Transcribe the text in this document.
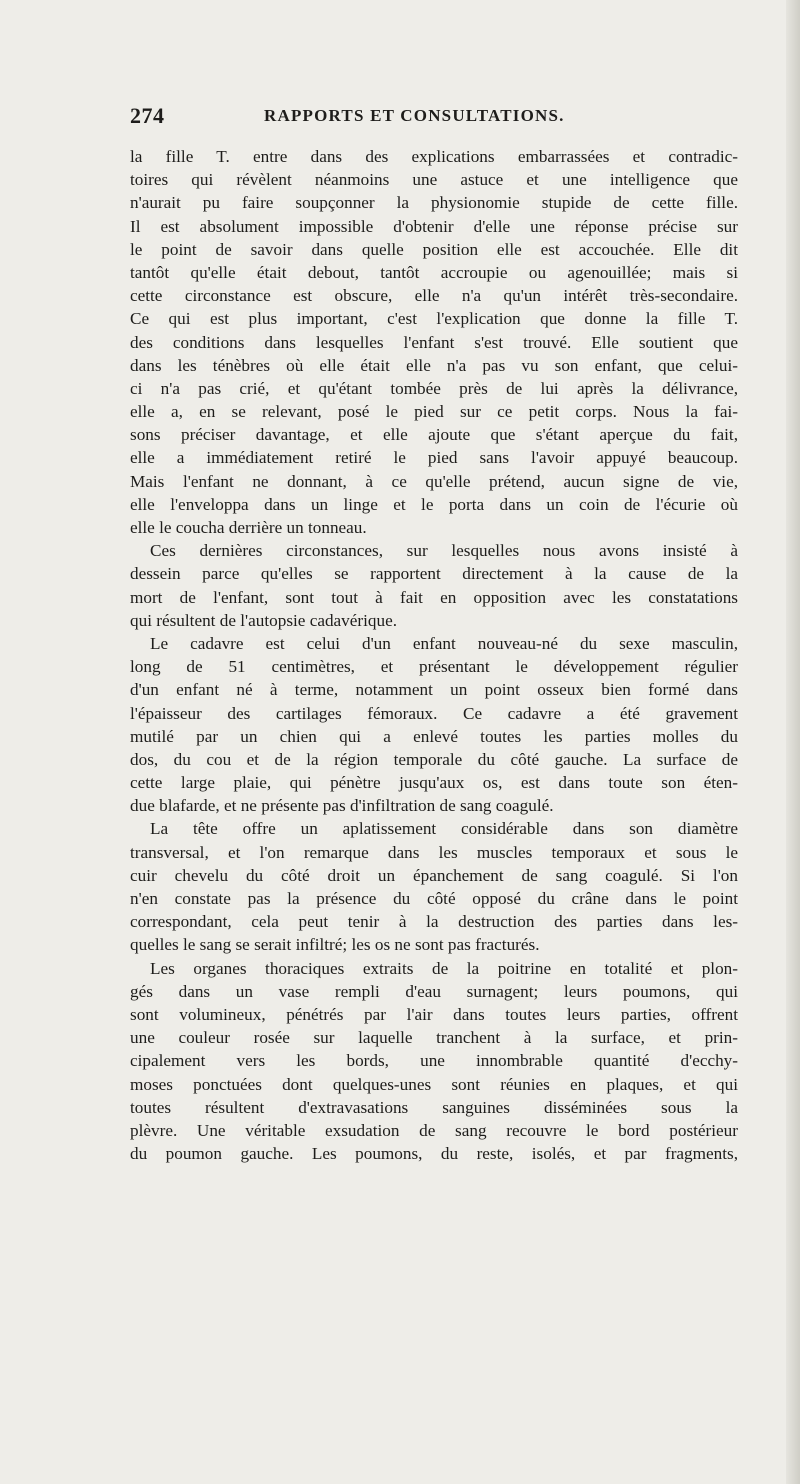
274	RAPPORTS ET CONSULTATIONS.
la fille T. entre dans des explications embarrassées et contradic-
toires qui révèlent néanmoins une astuce et une intelligence que
n'aurait pu faire soupçonner la physionomie stupide de cette fille.
Il est absolument impossible d'obtenir d'elle une réponse précise sur
le point de savoir dans quelle position elle est accouchée. Elle dit
tantôt qu'elle était debout, tantôt accroupie ou agenouillée; mais si
cette circonstance est obscure, elle n'a qu'un intérêt très-secondaire.
Ce qui est plus important, c'est l'explication que donne la fille T.
des conditions dans lesquelles l'enfant s'est trouvé. Elle soutient que
dans les ténèbres où elle était elle n'a pas vu son enfant, que celui-
ci n'a pas crié, et qu'étant tombée près de lui après la délivrance,
elle a, en se relevant, posé le pied sur ce petit corps. Nous la fai-
sons préciser davantage, et elle ajoute que s'étant aperçue du fait,
elle a immédiatement retiré le pied sans l'avoir appuyé beaucoup.
Mais l'enfant ne donnant, à ce qu'elle prétend, aucun signe de vie,
elle l'enveloppa dans un linge et le porta dans un coin de l'écurie où
elle le coucha derrière un tonneau.
Ces dernières circonstances, sur lesquelles nous avons insisté à
dessein parce qu'elles se rapportent directement à la cause de la
mort de l'enfant, sont tout à fait en opposition avec les constatations
qui résultent de l'autopsie cadavérique.
Le cadavre est celui d'un enfant nouveau-né du sexe masculin,
long de 51 centimètres, et présentant le développement régulier
d'un enfant né à terme, notamment un point osseux bien formé dans
l'épaisseur des cartilages fémoraux. Ce cadavre a été gravement
mutilé par un chien qui a enlevé toutes les parties molles du
dos, du cou et de la région temporale du côté gauche. La surface de
cette large plaie, qui pénètre jusqu'aux os, est dans toute son éten-
due blafarde, et ne présente pas d'infiltration de sang coagulé.
La tête offre un aplatissement considérable dans son diamètre
transversal, et l'on remarque dans les muscles temporaux et sous le
cuir chevelu du côté droit un épanchement de sang coagulé. Si l'on
n'en constate pas la présence du côté opposé du crâne dans le point
correspondant, cela peut tenir à la destruction des parties dans les-
quelles le sang se serait infiltré; les os ne sont pas fracturés.
Les organes thoraciques extraits de la poitrine en totalité et plon-
gés dans un vase rempli d'eau surnagent; leurs poumons, qui
sont volumineux, pénétrés par l'air dans toutes leurs parties, offrent
une couleur rosée sur laquelle tranchent à la surface, et prin-
cipalement vers les bords, une innombrable quantité d'ecchy-
moses ponctuées dont quelques-unes sont réunies en plaques, et qui
toutes résultent d'extravasations sanguines disséminées sous la
plèvre. Une véritable exsudation de sang recouvre le bord postérieur
du poumon gauche. Les poumons, du reste, isolés, et par fragments,
